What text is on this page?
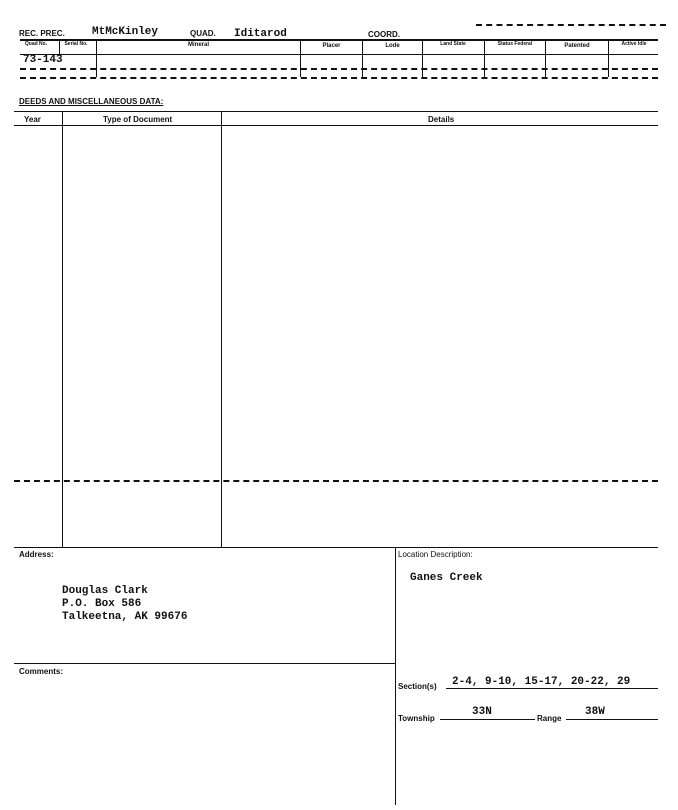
REC. PREC. MtMcKinley	QUAD. Iditarod	COORD.
Quad No.	Serial No.	Mineral	Placer	Lode	Land State	Status Federal	Patented	Active Idle
73-143
DEEDS AND MISCELLANEOUS DATA:
Year	Type of Document	Details
Address:
Douglas Clark
P.O. Box 586
Talkeetna, AK 99676
Location Description:
Ganes Creek
Comments:
Section(s) 2-4, 9-10, 15-17, 20-22, 29
Township
33N
Range
38W
